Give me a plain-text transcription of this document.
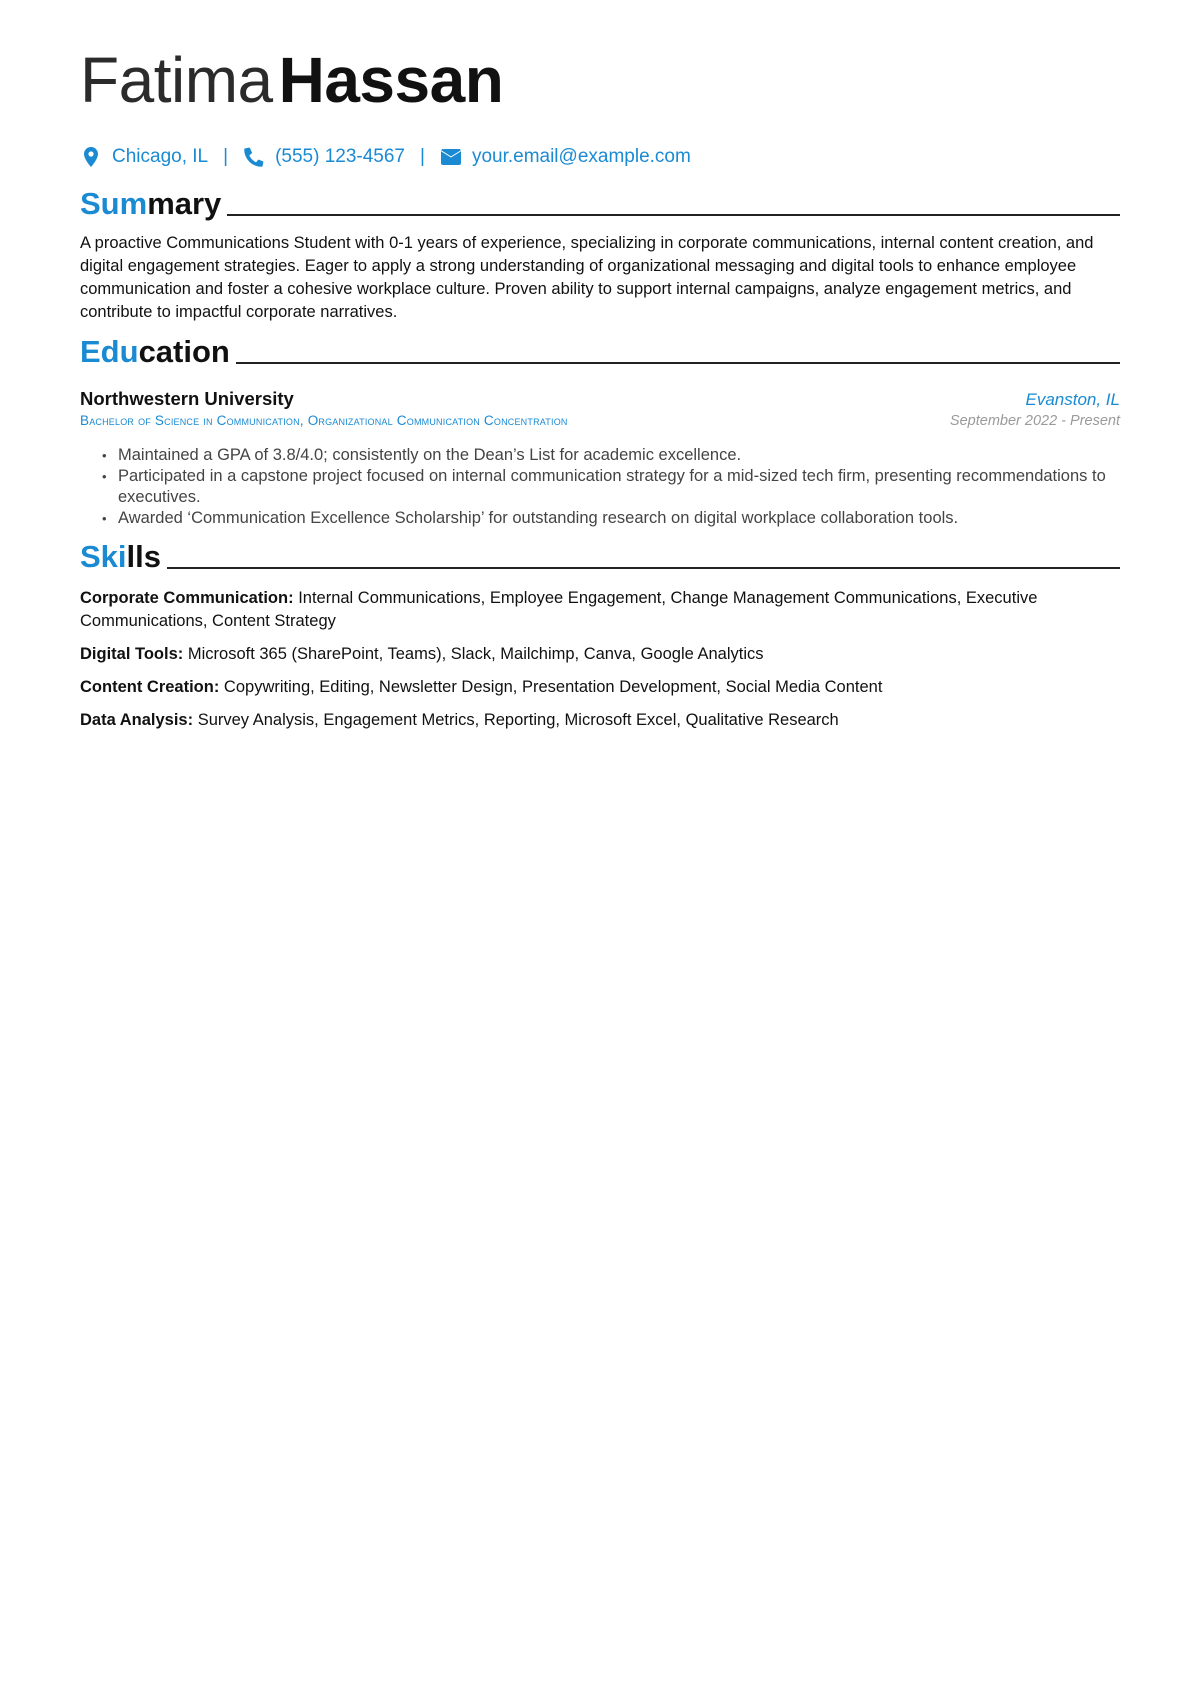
FatimaHassan
Chicago, IL | (555) 123-4567 | your.email@example.com
Summary
A proactive Communications Student with 0-1 years of experience, specializing in corporate communications, internal content creation, and digital engagement strategies. Eager to apply a strong understanding of organizational messaging and digital tools to enhance employee communication and foster a cohesive workplace culture. Proven ability to support internal campaigns, analyze engagement metrics, and contribute to impactful corporate narratives.
Education
Northwestern University	Evanston, IL
Bachelor of Science in Communication, Organizational Communication Concentration	September 2022 - Present
• Maintained a GPA of 3.8/4.0; consistently on the Dean’s List for academic excellence.
• Participated in a capstone project focused on internal communication strategy for a mid-sized tech firm, presenting recommendations to executives.
• Awarded ‘Communication Excellence Scholarship’ for outstanding research on digital workplace collaboration tools.
Skills
Corporate Communication: Internal Communications, Employee Engagement, Change Management Communications, Executive Communications, Content Strategy
Digital Tools: Microsoft 365 (SharePoint, Teams), Slack, Mailchimp, Canva, Google Analytics
Content Creation: Copywriting, Editing, Newsletter Design, Presentation Development, Social Media Content
Data Analysis: Survey Analysis, Engagement Metrics, Reporting, Microsoft Excel, Qualitative Research
